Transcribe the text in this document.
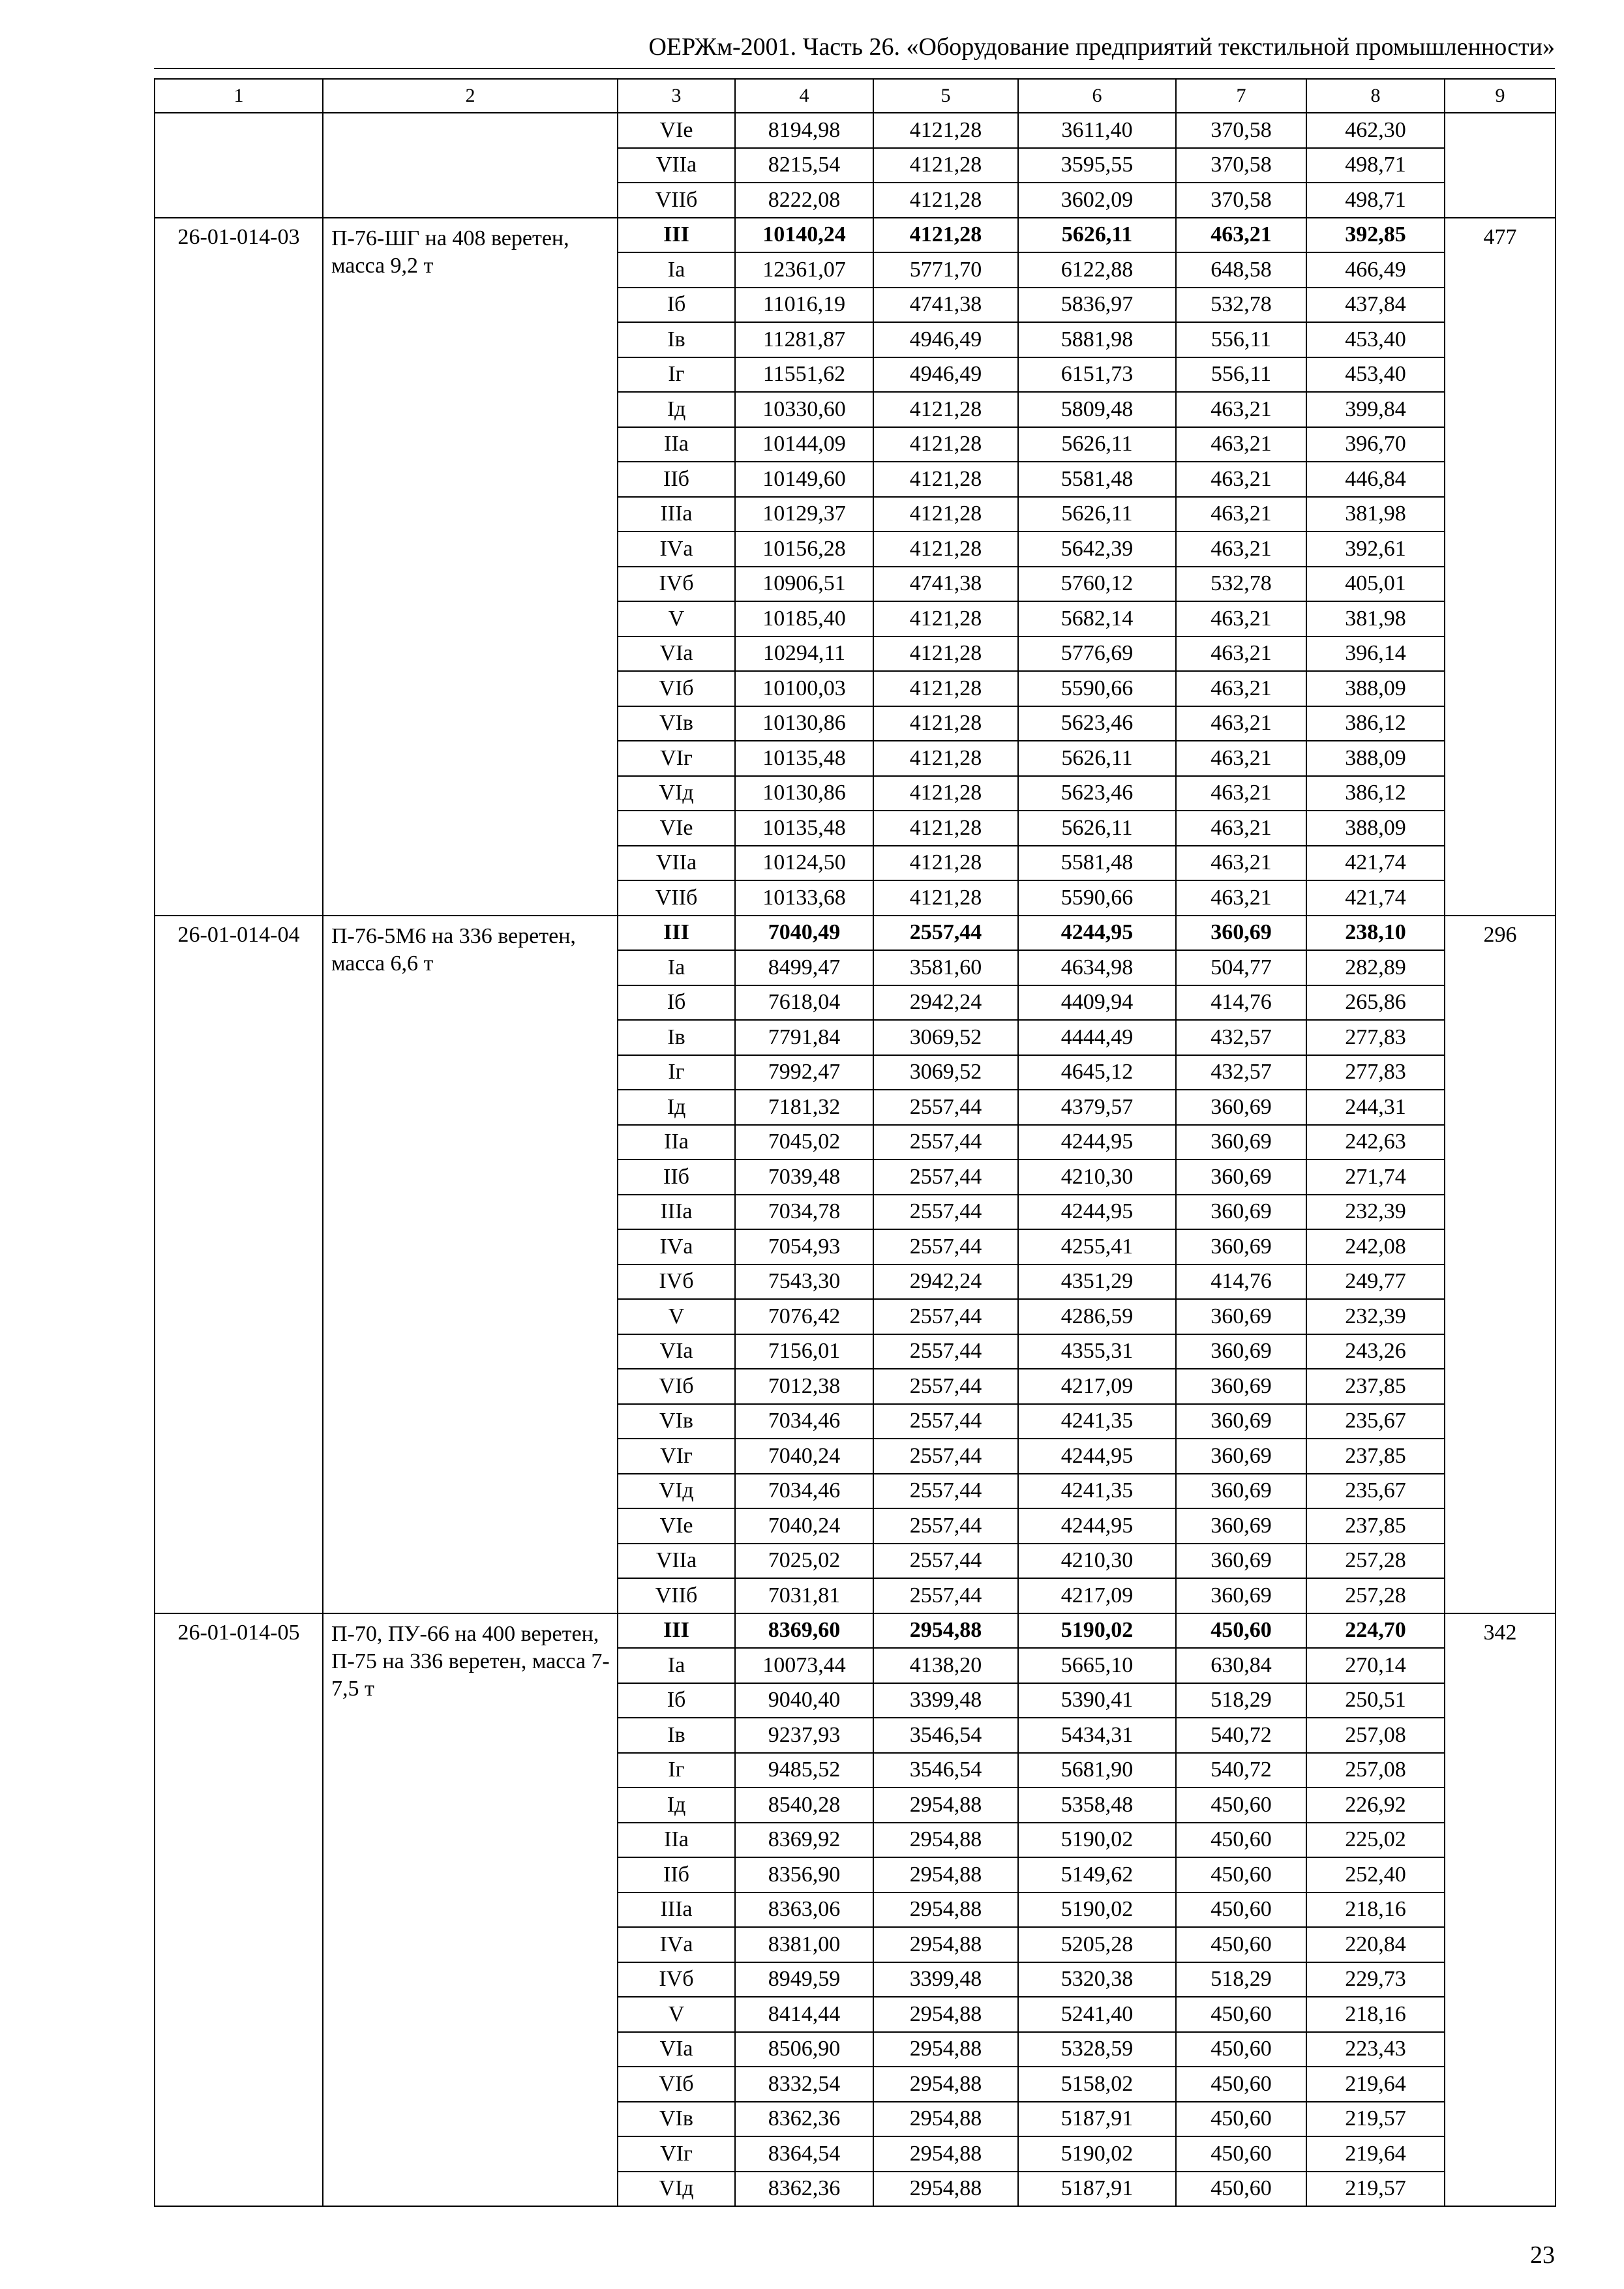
ОЕРЖм-2001. Часть 26. «Оборудование предприятий текстильной промышленности»
1	2	3	4	5	6	7	8	9
		VIе	8194,98	4121,28	3611,40	370,58	462,30	
		VIIа	8215,54	4121,28	3595,55	370,58	498,71	
		VIIб	8222,08	4121,28	3602,09	370,58	498,71	
26-01-014-03	П-76-ШГ на 408 веретен, масса 9,2 т	III	10140,24	4121,28	5626,11	463,21	392,85	477
		Iа	12361,07	5771,70	6122,88	648,58	466,49	
		Iб	11016,19	4741,38	5836,97	532,78	437,84	
		Iв	11281,87	4946,49	5881,98	556,11	453,40	
		Iг	11551,62	4946,49	6151,73	556,11	453,40	
		Iд	10330,60	4121,28	5809,48	463,21	399,84	
		IIа	10144,09	4121,28	5626,11	463,21	396,70	
		IIб	10149,60	4121,28	5581,48	463,21	446,84	
		IIIа	10129,37	4121,28	5626,11	463,21	381,98	
		IVа	10156,28	4121,28	5642,39	463,21	392,61	
		IVб	10906,51	4741,38	5760,12	532,78	405,01	
		V	10185,40	4121,28	5682,14	463,21	381,98	
		VIа	10294,11	4121,28	5776,69	463,21	396,14	
		VIб	10100,03	4121,28	5590,66	463,21	388,09	
		VIв	10130,86	4121,28	5623,46	463,21	386,12	
		VIг	10135,48	4121,28	5626,11	463,21	388,09	
		VIд	10130,86	4121,28	5623,46	463,21	386,12	
		VIе	10135,48	4121,28	5626,11	463,21	388,09	
		VIIа	10124,50	4121,28	5581,48	463,21	421,74	
		VIIб	10133,68	4121,28	5590,66	463,21	421,74	
26-01-014-04	П-76-5М6 на 336 веретен, масса 6,6 т	III	7040,49	2557,44	4244,95	360,69	238,10	296
		Iа	8499,47	3581,60	4634,98	504,77	282,89	
		Iб	7618,04	2942,24	4409,94	414,76	265,86	
		Iв	7791,84	3069,52	4444,49	432,57	277,83	
		Iг	7992,47	3069,52	4645,12	432,57	277,83	
		Iд	7181,32	2557,44	4379,57	360,69	244,31	
		IIа	7045,02	2557,44	4244,95	360,69	242,63	
		IIб	7039,48	2557,44	4210,30	360,69	271,74	
		IIIа	7034,78	2557,44	4244,95	360,69	232,39	
		IVа	7054,93	2557,44	4255,41	360,69	242,08	
		IVб	7543,30	2942,24	4351,29	414,76	249,77	
		V	7076,42	2557,44	4286,59	360,69	232,39	
		VIа	7156,01	2557,44	4355,31	360,69	243,26	
		VIб	7012,38	2557,44	4217,09	360,69	237,85	
		VIв	7034,46	2557,44	4241,35	360,69	235,67	
		VIг	7040,24	2557,44	4244,95	360,69	237,85	
		VIд	7034,46	2557,44	4241,35	360,69	235,67	
		VIе	7040,24	2557,44	4244,95	360,69	237,85	
		VIIа	7025,02	2557,44	4210,30	360,69	257,28	
		VIIб	7031,81	2557,44	4217,09	360,69	257,28	
26-01-014-05	П-70, ПУ-66 на 400 веретен, П-75 на 336 веретен, масса 7-7,5 т	III	8369,60	2954,88	5190,02	450,60	224,70	342
		Iа	10073,44	4138,20	5665,10	630,84	270,14	
		Iб	9040,40	3399,48	5390,41	518,29	250,51	
		Iв	9237,93	3546,54	5434,31	540,72	257,08	
		Iг	9485,52	3546,54	5681,90	540,72	257,08	
		Iд	8540,28	2954,88	5358,48	450,60	226,92	
		IIа	8369,92	2954,88	5190,02	450,60	225,02	
		IIб	8356,90	2954,88	5149,62	450,60	252,40	
		IIIа	8363,06	2954,88	5190,02	450,60	218,16	
		IVа	8381,00	2954,88	5205,28	450,60	220,84	
		IVб	8949,59	3399,48	5320,38	518,29	229,73	
		V	8414,44	2954,88	5241,40	450,60	218,16	
		VIа	8506,90	2954,88	5328,59	450,60	223,43	
		VIб	8332,54	2954,88	5158,02	450,60	219,64	
		VIв	8362,36	2954,88	5187,91	450,60	219,57	
		VIг	8364,54	2954,88	5190,02	450,60	219,64	
		VIд	8362,36	2954,88	5187,91	450,60	219,57	
23
